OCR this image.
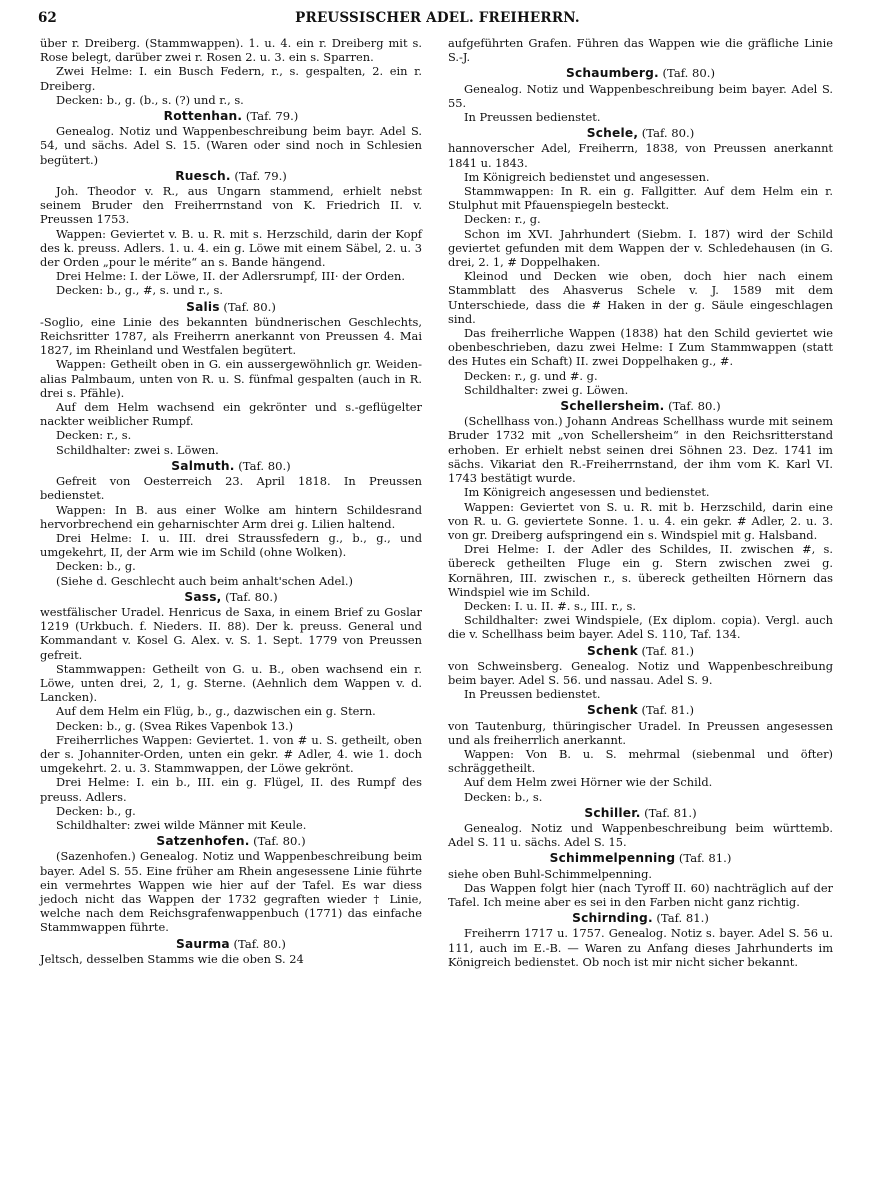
62	PREUSSISCHER ADEL. FREIHERRN.

über r. Dreiberg. (Stammwappen). 1. u. 4. ein r. Dreiberg mit s. Rose belegt, darüber zwei r. Rosen 2. u. 3. ein s. Sparren.

Zwei Helme: I. ein Busch Federn, r., s. gespalten, 2. ein r. Dreiberg.

Decken: b., g. (b., s. (?) und r., s.

Rottenhan. (Taf. 79.)

Genealog. Notiz und Wappenbeschreibung beim bayr. Adel S. 54, und sächs. Adel S. 15. (Waren oder sind noch in Schlesien begütert.)

Ruesch. (Taf. 79.)

Joh. Theodor v. R., aus Ungarn stammend, erhielt nebst seinem Bruder den Freiherrnstand von K. Friedrich II. v. Preussen 1753.

Wappen: Geviertet v. B. u. R. mit s. Herzschild, darin der Kopf des k. preuss. Adlers. 1. u. 4. ein g. Löwe mit einem Säbel, 2. u. 3 der Orden „pour le mérite“ an s. Bande hängend.

Drei Helme: I. der Löwe, II. der Adlersrumpf, III· der Orden.

Decken: b., g., #, s. und r., s.

Salis (Taf. 80.)

-Soglio, eine Linie des bekannten bündnerischen Geschlechts, Reichsritter 1787, als Freiherrn anerkannt von Preussen 4. Mai 1827, im Rheinland und Westfalen begütert.

Wappen: Getheilt oben in G. ein aussergewöhnlich gr. Weiden- alias Palmbaum, unten von R. u. S. fünfmal gespalten (auch in R. drei s. Pfähle).

Auf dem Helm wachsend ein gekrönter und s.-geflügelter nackter weiblicher Rumpf.

Decken: r., s.

Schildhalter: zwei s. Löwen.

Salmuth. (Taf. 80.)

Gefreit von Oesterreich 23. April 1818. In Preussen bedienstet.

Wappen: In B. aus einer Wolke am hintern Schildesrand hervorbrechend ein geharnischter Arm drei g. Lilien haltend.

Drei Helme: I. u. III. drei Straussfedern g., b., g., und umgekehrt, II, der Arm wie im Schild (ohne Wolken).

Decken: b., g.

(Siehe d. Geschlecht auch beim anhalt'schen Adel.)

Sass, (Taf. 80.)

westfälischer Uradel. Henricus de Saxa, in einem Brief zu Goslar 1219 (Urkbuch. f. Nieders. II. 88). Der k. preuss. General und Kommandant v. Kosel G. Alex. v. S. 1. Sept. 1779 von Preussen gefreit.

Stammwappen: Getheilt von G. u. B., oben wachsend ein r. Löwe, unten drei, 2, 1, g. Sterne. (Aehnlich dem Wappen v. d. Lancken).

Auf dem Helm ein Flüg, b., g., dazwischen ein g. Stern.

Decken: b., g. (Svea Rikes Vapenbok 13.)

Freiherrliches Wappen: Geviertet. 1. von # u. S. getheilt, oben der s. Johanniter-Orden, unten ein gekr. # Adler, 4. wie 1. doch umgekehrt. 2. u. 3. Stammwappen, der Löwe gekrönt.

Drei Helme: I. ein b., III. ein g. Flügel, II. des Rumpf des preuss. Adlers.

Decken: b., g.

Schildhalter: zwei wilde Männer mit Keule.

Satzenhofen. (Taf. 80.)

(Sazenhofen.) Genealog. Notiz und Wappenbeschreibung beim bayer. Adel S. 55. Eine früher am Rhein angesessene Linie führte ein vermehrtes Wappen wie hier auf der Tafel. Es war diess jedoch nicht das Wappen der 1732 gegraften wieder † Linie, welche nach dem Reichsgrafenwappenbuch (1771) das einfache Stammwappen führte.

Saurma (Taf. 80.)

Jeltsch, desselben Stamms wie die oben S. 24

aufgeführten Grafen. Führen das Wappen wie die gräfliche Linie S.-J.

Schaumberg. (Taf. 80.)

Genealog. Notiz und Wappenbeschreibung beim bayer. Adel S. 55.

In Preussen bedienstet.

Schele, (Taf. 80.)

hannoverscher Adel, Freiherrn, 1838, von Preussen anerkannt 1841 u. 1843.

Im Königreich bedienstet und angesessen.

Stammwappen: In R. ein g. Fallgitter. Auf dem Helm ein r. Stulphut mit Pfauenspiegeln besteckt.

Decken: r., g.

Schon im XVI. Jahrhundert (Siebm. I. 187) wird der Schild geviertet gefunden mit dem Wappen der v. Schledehausen (in G. drei, 2. 1, # Doppelhaken.

Kleinod und Decken wie oben, doch hier nach einem Stammblatt des Ahasverus Schele v. J. 1589 mit dem Unterschiede, dass die # Haken in der g. Säule eingeschlagen sind.

Das freiherrliche Wappen (1838) hat den Schild geviertet wie obenbeschrieben, dazu zwei Helme: I Zum Stammwappen (statt des Hutes ein Schaft) II. zwei Doppelhaken g., #.

Decken: r., g. und #. g.

Schildhalter: zwei g. Löwen.

Schellersheim. (Taf. 80.)

(Schellhass von.) Johann Andreas Schellhass wurde mit seinem Bruder 1732 mit „von Schellersheim“ in den Reichsritterstand erhoben. Er erhielt nebst seinen drei Söhnen 23. Dez. 1741 im sächs. Vikariat den R.-Freiherrnstand, der ihm vom K. Karl VI. 1743 bestätigt wurde.

Im Königreich angesessen und bedienstet.

Wappen: Geviertet von S. u. R. mit b. Herzschild, darin eine von R. u. G. geviertete Sonne. 1. u. 4. ein gekr. # Adler, 2. u. 3. von gr. Dreiberg aufspringend ein s. Windspiel mit g. Halsband.

Drei Helme: I. der Adler des Schildes, II. zwischen #, s. übereck getheilten Fluge ein g. Stern zwischen zwei g. Kornähren, III. zwischen r., s. übereck getheilten Hörnern das Windspiel wie im Schild.

Decken: I. u. II. #. s., III. r., s.

Schildhalter: zwei Windspiele, (Ex diplom. copia). Vergl. auch die v. Schellhass beim bayer. Adel S. 110, Taf. 134.

Schenk (Taf. 81.)

von Schweinsberg. Genealog. Notiz und Wappenbeschreibung beim bayer. Adel S. 56. und nassau. Adel S. 9.

In Preussen bedienstet.

Schenk (Taf. 81.)

von Tautenburg, thüringischer Uradel. In Preussen angesessen und als freiherrlich anerkannt.

Wappen: Von B. u. S. mehrmal (siebenmal und öfter) schräggetheilt.

Auf dem Helm zwei Hörner wie der Schild.

Decken: b., s.

Schiller. (Taf. 81.)

Genealog. Notiz und Wappenbeschreibung beim württemb. Adel S. 11 u. sächs. Adel S. 15.

Schimmelpenning (Taf. 81.)

siehe oben Buhl-Schimmelpenning.

Das Wappen folgt hier (nach Tyroff II. 60) nachträglich auf der Tafel. Ich meine aber es sei in den Farben nicht ganz richtig.

Schirnding. (Taf. 81.)

Freiherrn 1717 u. 1757. Genealog. Notiz s. bayer. Adel S. 56 u. 111, auch im E.-B. — Waren zu Anfang dieses Jahrhunderts im Königreich bedienstet. Ob noch ist mir nicht sicher bekannt.
